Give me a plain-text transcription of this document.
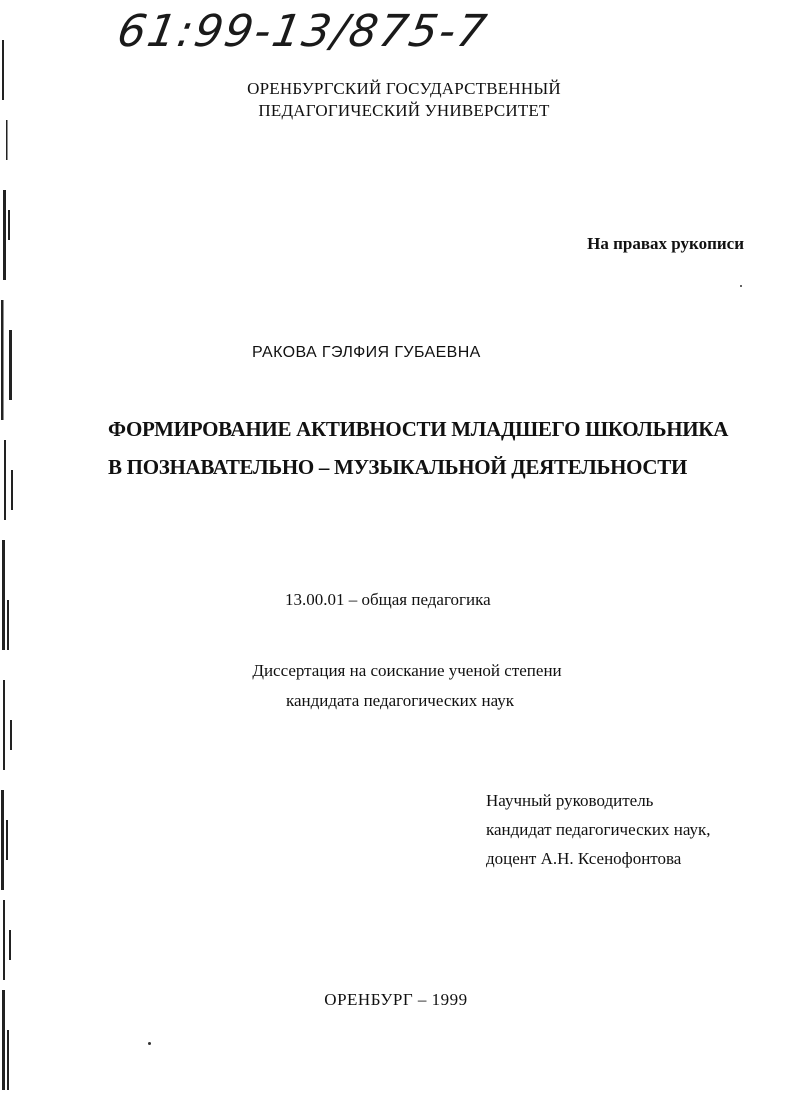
61:99-13/875-7
ОРЕНБУРГСКИЙ ГОСУДАРСТВЕННЫЙ
ПЕДАГОГИЧЕСКИЙ УНИВЕРСИТЕТ
На правах рукописи
РАКОВА ГЭЛФИЯ ГУБАЕВНА
ФОРМИРОВАНИЕ АКТИВНОСТИ МЛАДШЕГО ШКОЛЬНИКА
В ПОЗНАВАТЕЛЬНО – МУЗЫКАЛЬНОЙ ДЕЯТЕЛЬНОСТИ
13.00.01 – общая педагогика
Диссертация на соискание ученой степени
кандидата педагогических наук
Научный руководитель
кандидат педагогических наук,
доцент А.Н. Ксенофонтова
ОРЕНБУРГ – 1999
